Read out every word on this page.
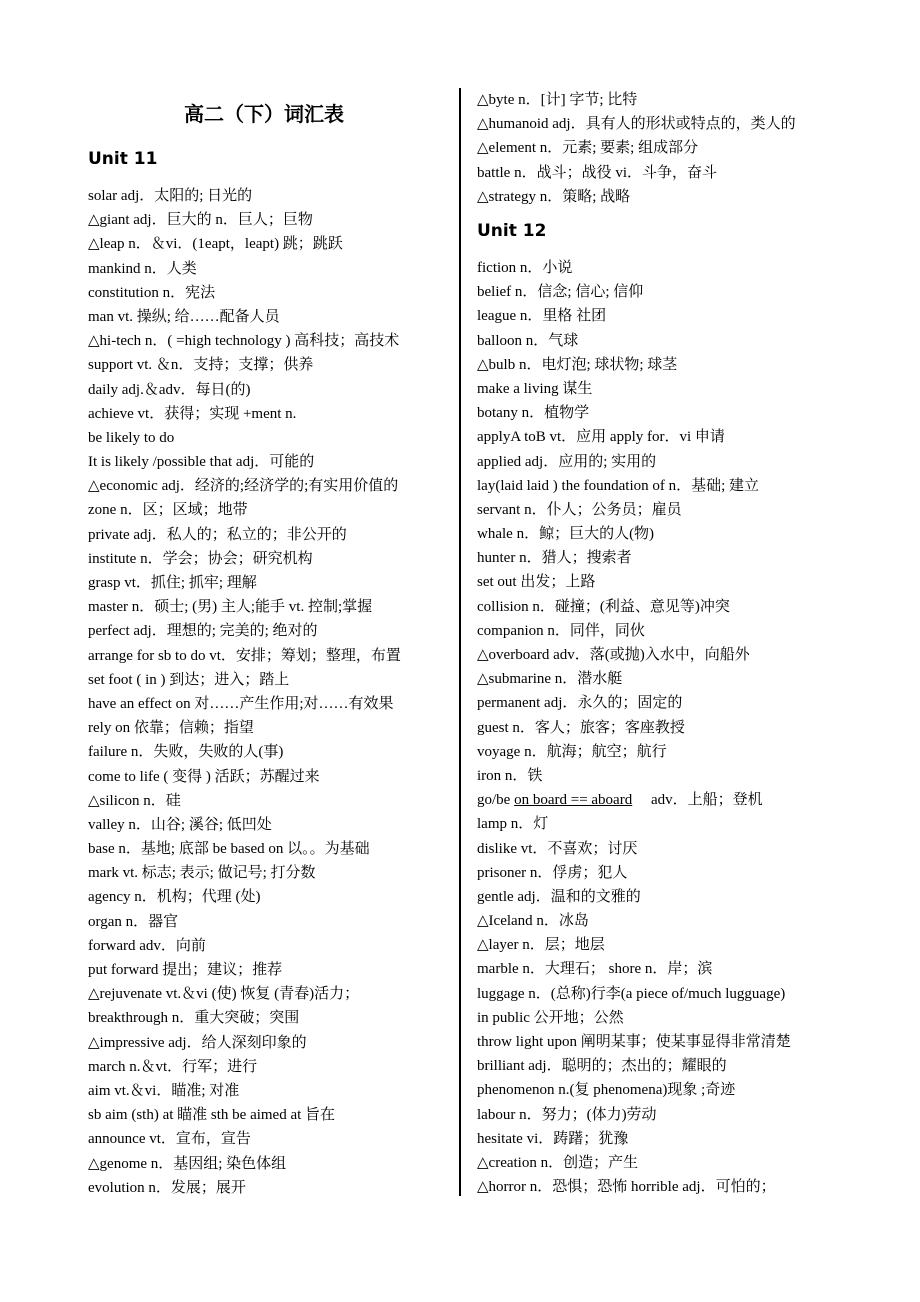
高二（下）词汇表
Unit 11
solar adj．太阳的; 日光的
△giant adj．巨大的 n．巨人；巨物
△leap n．＆vi．(1eapt，leapt) 跳；跳跃
mankind n．人类
constitution n．宪法
man vt. 操纵; 给……配备人员
△hi-tech n．( =high technology ) 高科技；高技术
support vt. ＆n．支持；支撑；供养
daily adj.＆adv．每日(的)
achieve vt．获得；实现 +ment n.
be likely to do
It is likely /possible that adj．可能的
△economic adj．经济的;经济学的;有实用价值的
zone n．区；区域；地带
private adj．私人的；私立的；非公开的
institute n．学会；协会；研究机构
grasp vt．抓住; 抓牢; 理解
master n．硕士; (男) 主人;能手 vt. 控制;掌握
perfect adj．理想的; 完美的; 绝对的
arrange for sb to do vt．安排；筹划；整理，布置
set foot ( in ) 到达；进入；踏上
have an effect on 对……产生作用;对……有效果
rely on 依靠；信赖；指望
failure n．失败，失败的人(事)
come to life ( 变得 ) 活跃；苏醒过来
△silicon n．硅
valley n．山谷; 溪谷; 低凹处
base n．基地; 底部 be based on 以。。为基础
mark vt. 标志; 表示; 做记号; 打分数
agency n．机构；代理 (处)
organ n．器官
forward adv．向前
put forward 提出；建议；推荐
△rejuvenate vt.＆vi (使) 恢复 (青春)活力；
breakthrough n．重大突破；突围
△impressive adj．给人深刻印象的
march n.＆vt．行军；进行
aim vt.＆vi．瞄准; 对准
sb aim (sth) at 瞄准 sth be aimed at 旨在
announce vt．宣布，宣告
△genome n．基因组; 染色体组
evolution n．发展；展开
△byte n．[计] 字节; 比特
△humanoid adj．具有人的形状或特点的，类人的
△element n．元素; 要素; 组成部分
battle n．战斗；战役 vi．斗争，奋斗
△strategy n．策略; 战略
Unit 12
fiction n．小说
belief n．信念; 信心; 信仰
league n．里格 社团
balloon n．气球
△bulb n．电灯泡; 球状物; 球茎
make a living 谋生
botany n．植物学
applyA toB vt．应用 apply for．vi 申请
applied adj．应用的; 实用的
lay(laid laid ) the foundation of n．基础; 建立
servant n．仆人；公务员；雇员
whale n．鲸；巨大的人(物)
hunter n．猎人；搜索者
set out 出发；上路
collision n．碰撞；(利益、意见等)冲突
companion n．同伴，同伙
△overboard adv．落(或抛)入水中，向船外
△submarine n．潜水艇
permanent adj．永久的；固定的
guest n．客人；旅客；客座教授
voyage n．航海；航空；航行
iron n．铁
go/be on board == aboard     adv．上船；登机
lamp n．灯
dislike vt．不喜欢；讨厌
prisoner n．俘虏；犯人
gentle adj．温和的文雅的
△Iceland n．冰岛
△layer n．层；地层
marble n．大理石； shore n．岸；滨
luggage n．(总称)行李(a piece of/much lugguage)
in public 公开地；公然
throw light upon 阐明某事；使某事显得非常清楚
brilliant adj．聪明的；杰出的；耀眼的
phenomenon n.(复 phenomena)现象 ;奇迹
labour n．努力；(体力)劳动
hesitate vi．踌躇；犹豫
△creation n．创造；产生
△horror n．恐惧；恐怖 horrible adj．可怕的；
